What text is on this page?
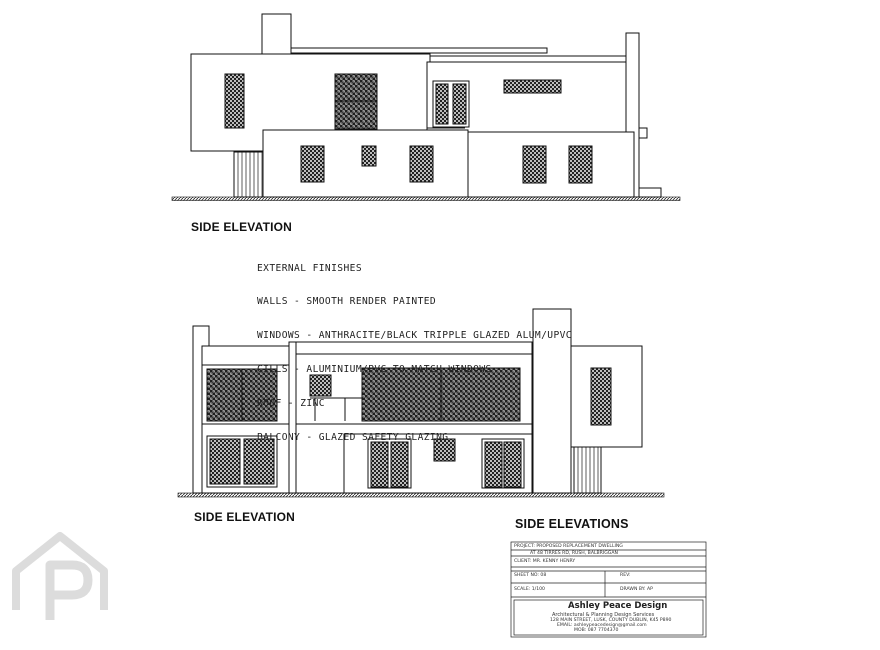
SIDE ELEVATION
SIDE ELEVATION	SIDE ELEVATIONS

EXTERNAL FINISHES

WALLS - SMOOTH RENDER PAINTED

WINDOWS - ANTHRACITE/BLACK TRIPPLE GLAZED ALUM/UPVC

CILLS - ALUMINIUM/PVC TO MATCH WINDOWS

ROOF - ZINC

BALCONY - GLAZED SAFETY GLAZING

PROJECT: PROPOSED REPLACEMENT DWELLING
AT 48 TIRRES RD, RUSH, BALBRIGGAN
CLIENT: MR. KENNY HENRY
SHEET NO: 08	REV:
SCALE: 1/100	DRAWN BY: AP
Ashley Peace Design
Architectural & Planning Design Services
128 MAIN STREET, LUSK, COUNTY DUBLIN, K45 P890
EMAIL: ashleypeacedesign@gmail.com
MOB: 087 7704370
